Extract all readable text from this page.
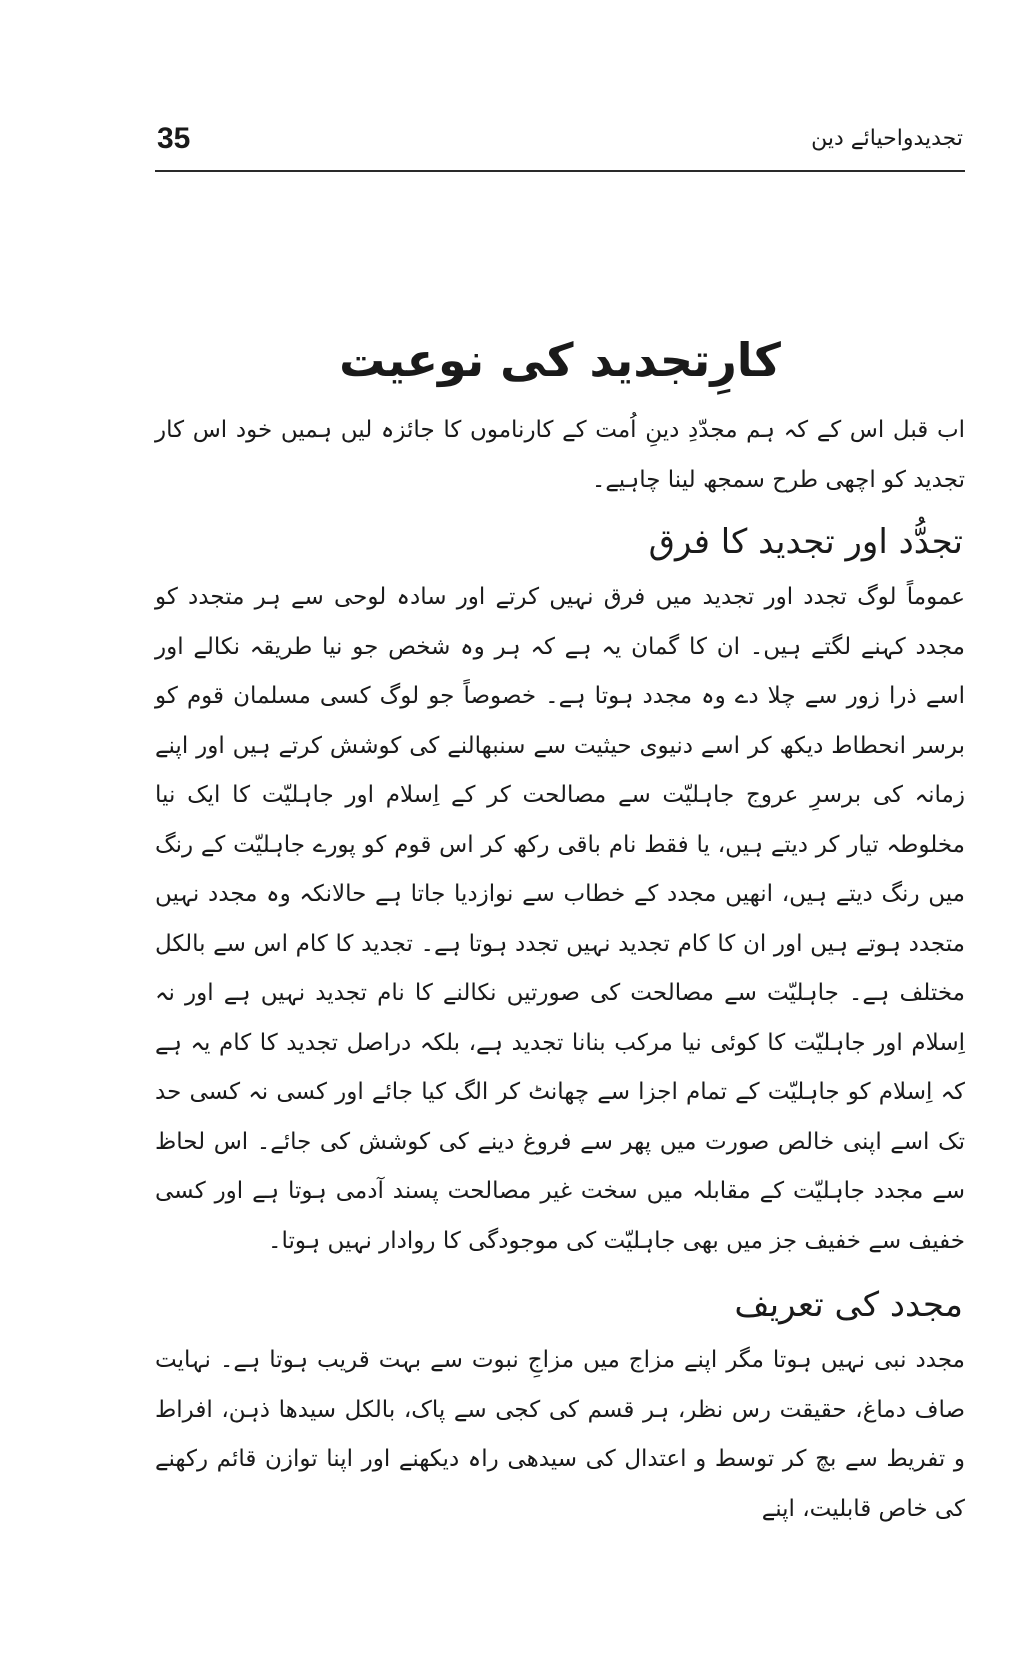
35	تجدیدواحیائے دین
کارِتجدید کی نوعیت

اب قبل اس کے کہ ہم مجدّدِ دینِ اُمت کے کارناموں کا جائزہ لیں ہمیں خود اس کار تجدید کو اچھی طرح سمجھ لینا چاہیے۔

تجدُّد اور تجدید کا فرق

عموماً لوگ تجدد اور تجدید میں فرق نہیں کرتے اور سادہ لوحی سے ہر متجدد کو مجدد کہنے لگتے ہیں۔ ان کا گمان یہ ہے کہ ہر وہ شخص جو نیا طریقہ نکالے اور اسے ذرا زور سے چلا دے وہ مجدد ہوتا ہے۔ خصوصاً جو لوگ کسی مسلمان قوم کو برسر انحطاط دیکھ کر اسے دنیوی حیثیت سے سنبھالنے کی کوشش کرتے ہیں اور اپنے زمانہ کی برسرِ عروج جاہلیّت سے مصالحت کر کے اِسلام اور جاہلیّت کا ایک نیا مخلوطہ تیار کر دیتے ہیں، یا فقط نام باقی رکھ کر اس قوم کو پورے جاہلیّت کے رنگ میں رنگ دیتے ہیں، انھیں مجدد کے خطاب سے نوازدیا جاتا ہے حالانکہ وہ مجدد نہیں متجدد ہوتے ہیں اور ان کا کام تجدید نہیں تجدد ہوتا ہے۔ تجدید کا کام اس سے بالکل مختلف ہے۔ جاہلیّت سے مصالحت کی صورتیں نکالنے کا نام تجدید نہیں ہے اور نہ اِسلام اور جاہلیّت کا کوئی نیا مرکب بنانا تجدید ہے، بلکہ دراصل تجدید کا کام یہ ہے کہ اِسلام کو جاہلیّت کے تمام اجزا سے چھانٹ کر الگ کیا جائے اور کسی نہ کسی حد تک اسے اپنی خالص صورت میں پھر سے فروغ دینے کی کوشش کی جائے۔ اس لحاظ سے مجدد جاہلیّت کے مقابلہ میں سخت غیر مصالحت پسند آدمی ہوتا ہے اور کسی خفیف سے خفیف جز میں بھی جاہلیّت کی موجودگی کا روادار نہیں ہوتا۔

مجدد کی تعریف

مجدد نبی نہیں ہوتا مگر اپنے مزاج میں مزاجِ نبوت سے بہت قریب ہوتا ہے۔ نہایت صاف دماغ، حقیقت رس نظر، ہر قسم کی کجی سے پاک، بالکل سیدھا ذہن، افراط و تفریط سے بچ کر توسط و اعتدال کی سیدھی راہ دیکھنے اور اپنا توازن قائم رکھنے کی خاص قابلیت، اپنے
